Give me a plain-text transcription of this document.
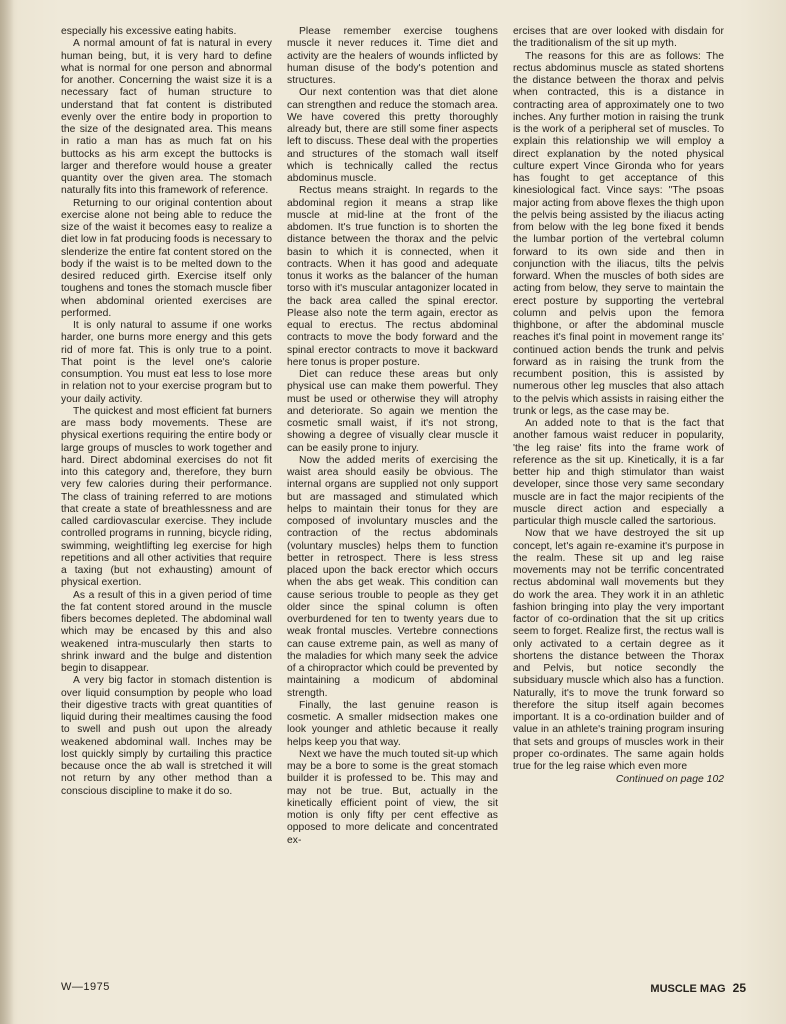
especially his excessive eating habits.

A normal amount of fat is natural in every human being, but, it is very hard to define what is normal for one person and abnormal for another. Concerning the waist size it is a necessary fact of human structure to understand that fat content is distributed evenly over the entire body in proportion to the size of the designated area. This means in ratio a man has as much fat on his buttocks as his arm except the buttocks is larger and therefore would house a greater quantity over the given area. The stomach naturally fits into this framework of reference.

Returning to our original contention about exercise alone not being able to reduce the size of the waist it becomes easy to realize a diet low in fat producing foods is necessary to slenderize the entire fat content stored on the body if the waist is to be melted down to the desired reduced girth. Exercise itself only toughens and tones the stomach muscle fiber when abdominal oriented exercises are performed.

It is only natural to assume if one works harder, one burns more energy and this gets rid of more fat. This is only true to a point. That point is the level one's calorie consumption. You must eat less to lose more in relation not to your exercise program but to your daily activity.

The quickest and most efficient fat burners are mass body movements. These are physical exertions requiring the entire body or large groups of muscles to work together and hard. Direct abdominal exercises do not fit into this category and, therefore, they burn very few calories during their performance. The class of training referred to are motions that create a state of breathlessness and are called cardiovascular exercise. They include controlled programs in running, bicycle riding, swimming, weightlifting leg exercise for high repetitions and all other activities that require a taxing (but not exhausting) amount of physical exertion.

As a result of this in a given period of time the fat content stored around in the muscle fibers becomes depleted. The abdominal wall which may be encased by this and also weakened intra-muscularly then starts to shrink inward and the bulge and distention begin to disappear.

A very big factor in stomach distention is over liquid consumption by people who load their digestive tracts with great quantities of liquid during their mealtimes causing the food to swell and push out upon the already weakened abdominal wall. Inches may be lost quickly simply by curtailing this practice because once the ab wall is stretched it will not return by any other method than a conscious discipline to make it do so.

Please remember exercise toughens muscle it never reduces it. Time diet and activity are the healers of wounds inflicted by human disuse of the body's potention and structures.

Our next contention was that diet alone can strengthen and reduce the stomach area. We have covered this pretty thoroughly already but, there are still some finer aspects left to discuss. These deal with the properties and structures of the stomach wall itself which is technically called the rectus abdominus muscle.

Rectus means straight. In regards to the abdominal region it means a strap like muscle at mid-line at the front of the abdomen. It's true function is to shorten the distance between the thorax and the pelvic basin to which it is connected, when it contracts. When it has good and adequate tonus it works as the balancer of the human torso with it's muscular antagonizer located in the back area called the spinal erector. Please also note the term again, erector as equal to erectus. The rectus abdominal contracts to move the body forward and the spinal erector contracts to move it backward here tonus is proper posture.

Diet can reduce these areas but only physical use can make them powerful. They must be used or otherwise they will atrophy and deteriorate. So again we mention the cosmetic small waist, if it's not strong, showing a degree of visually clear muscle it can be easily prone to injury.

Now the added merits of exercising the waist area should easily be obvious. The internal organs are supplied not only support but are massaged and stimulated which helps to maintain their tonus for they are composed of involuntary muscles and the contraction of the rectus abdominals (voluntary muscles) helps them to function better in retrospect. There is less stress placed upon the back erector which occurs when the abs get weak. This condition can cause serious trouble to people as they get older since the spinal column is often overburdened for ten to twenty years due to weak frontal muscles. Vertebre connections can cause extreme pain, as well as many of the maladies for which many seek the advice of a chiropractor which could be prevented by maintaining a modicum of abdominal strength.

Finally, the last genuine reason is cosmetic. A smaller midsection makes one look younger and athletic because it really helps keep you that way.

Next we have the much touted sit-up which may be a bore to some is the great stomach builder it is professed to be. This may and may not be true. But, actually in the kinetically efficient point of view, the sit motion is only fifty per cent effective as opposed to more delicate and concentrated ex-

ercises that are over looked with disdain for the traditionalism of the sit up myth.

The reasons for this are as follows: The rectus abdominus muscle as stated shortens the distance between the thorax and pelvis when contracted, this is a distance in contracting area of approximately one to two inches. Any further motion in raising the trunk is the work of a peripheral set of muscles. To explain this relationship we will employ a direct explanation by the noted physical culture expert Vince Gironda who for years has fought to get acceptance of this kinesiological fact. Vince says: "The psoas major acting from above flexes the thigh upon the pelvis being assisted by the iliacus acting from below with the leg bone fixed it bends the lumbar portion of the vertebral column forward to its own side and then in conjunction with the iliacus, tilts the pelvis forward. When the muscles of both sides are acting from below, they serve to maintain the erect posture by supporting the vertebral column and pelvis upon the femora thighbone, or after the abdominal muscle reaches it's final point in movement range its' continued action bends the trunk and pelvis forward as in raising the trunk from the recumbent position, this is assisted by numerous other leg muscles that also attach to the pelvis which assists in raising either the trunk or legs, as the case may be.

An added note to that is the fact that another famous waist reducer in popularity, 'the leg raise' fits into the frame work of reference as the sit up. Kinetically, it is a far better hip and thigh stimulator than waist developer, since those very same secondary muscle are in fact the major recipients of the muscle direct action and especially a particular thigh muscle called the sartorious.

Now that we have destroyed the sit up concept, let's again re-examine it's purpose in the realm. These sit up and leg raise movements may not be terrific concentrated rectus abdominal wall movements but they do work the area. They work it in an athletic fashion bringing into play the very important factor of co-ordination that the sit up critics seem to forget. Realize first, the rectus wall is only activated to a certain degree as it shortens the distance between the Thorax and Pelvis, but notice secondly the subsiduary muscle which also has a function. Naturally, it's to move the trunk forward so therefore the situp itself again becomes important. It is a co-ordination builder and of value in an athlete's training program insuring that sets and groups of muscles work in their proper co-ordinates. The same again holds true for the leg raise which even more

Continued on page 102
W—1975	MUSCLE MAG 25
